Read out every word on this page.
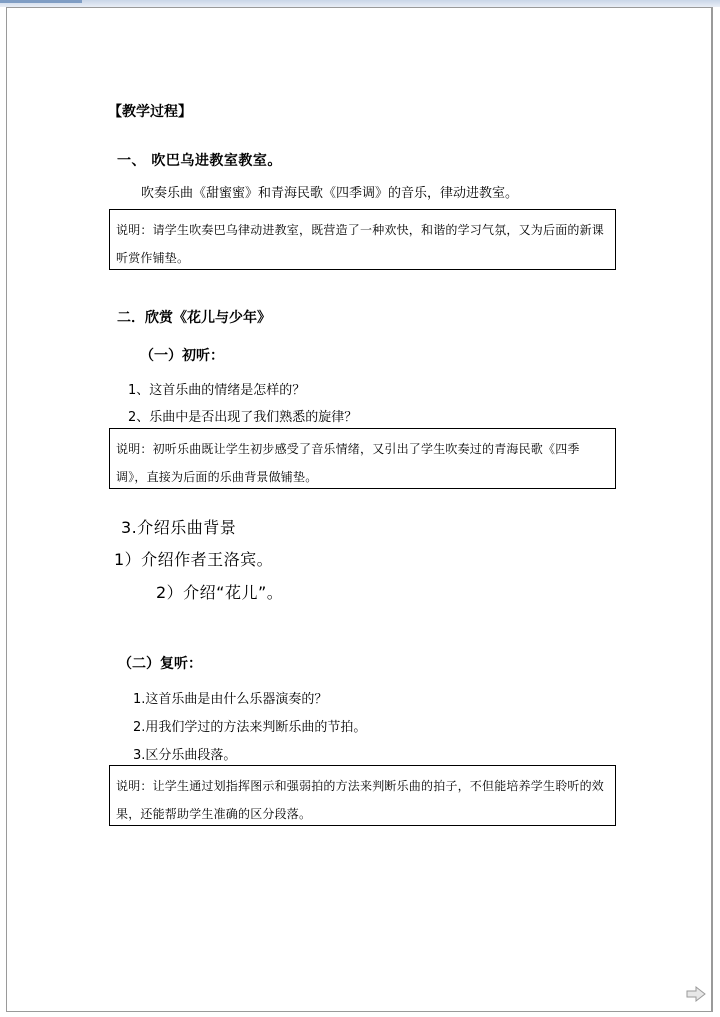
【教学过程】
一、 吹巴乌进教室教室。
吹奏乐曲《甜蜜蜜》和青海民歌《四季调》的音乐，律动进教室。
说明：请学生吹奏巴乌律动进教室，既营造了一种欢快，和谐的学习气氛，又为后面的新课听赏作铺垫。
二．欣赏《花儿与少年》
（一）初听：
1、这首乐曲的情绪是怎样的？
2、乐曲中是否出现了我们熟悉的旋律？
说明：初听乐曲既让学生初步感受了音乐情绪，又引出了学生吹奏过的青海民歌《四季调》，直接为后面的乐曲背景做铺垫。
3.介绍乐曲背景
1）介绍作者王洛宾。
2）介绍“花儿”。
（二）复听：
1.这首乐曲是由什么乐器演奏的？
2.用我们学过的方法来判断乐曲的节拍。
3.区分乐曲段落。
说明：让学生通过划指挥图示和强弱拍的方法来判断乐曲的拍子，不但能培养学生聆听的效果，还能帮助学生准确的区分段落。
